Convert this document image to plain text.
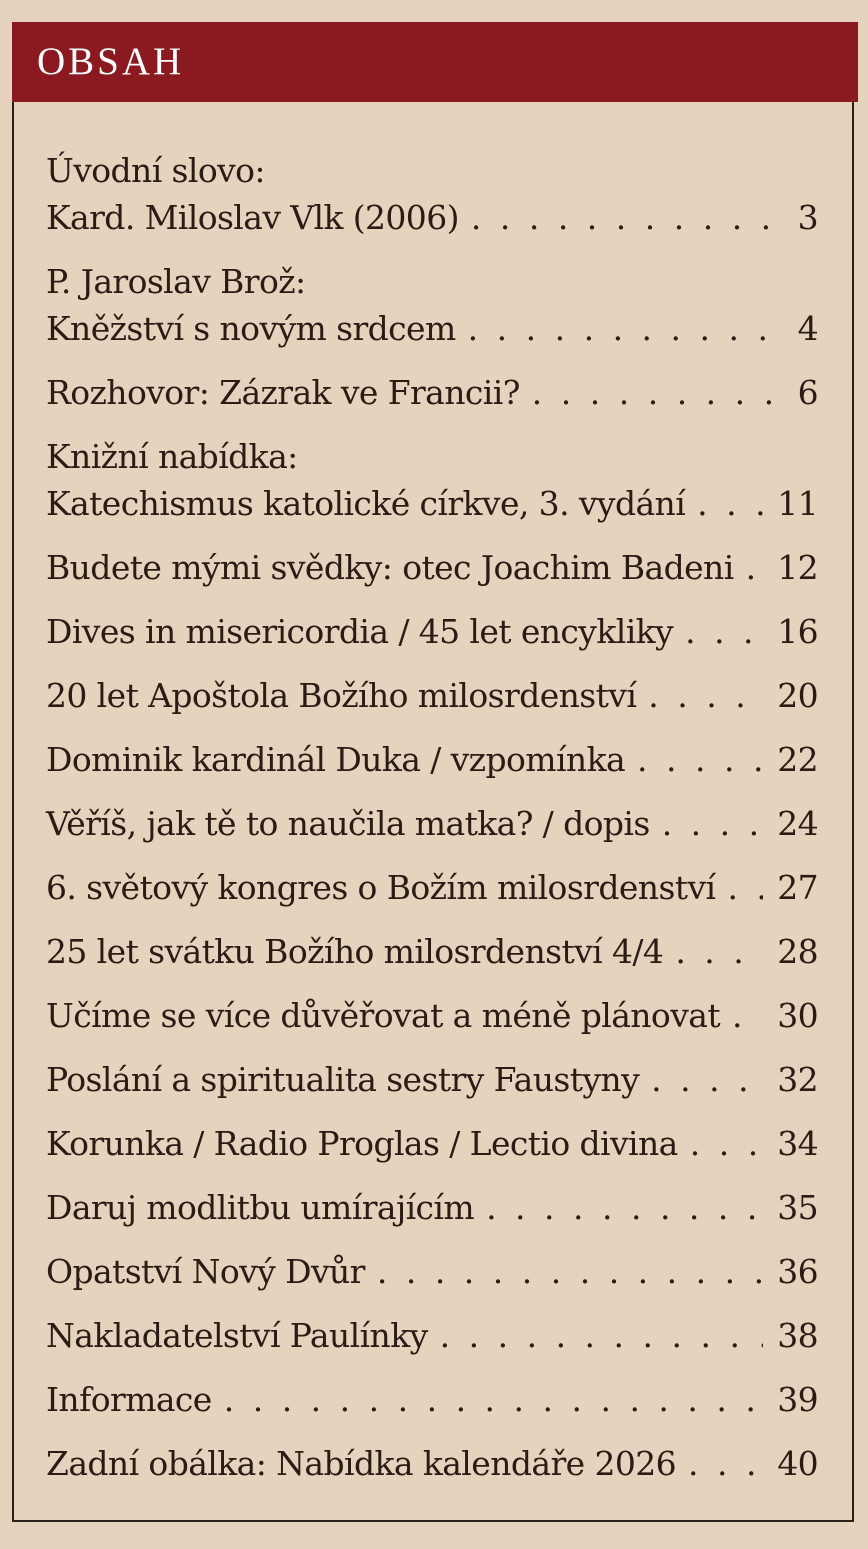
OBSAH
Úvodní slovo:
Kard. Miloslav Vlk (2006) . . .	3
P. Jaroslav Brož:
Kněžství s novým srdcem . . .	4
Rozhovor: Zázrak ve Francii? . . .	6
Knižní nabídka:
Katechismus katolické církve, 3. vydání . . .	11
Budete mými svědky: otec Joachim Badeni . . . 12
Dives in misericordia / 45 let encykliky . . .	16
20 let Apoštola Božího milosrdenství . . .	20
Dominik kardinál Duka / vzpomínka . . .	22
Věříš, jak tě to naučila matka? / dopis . . .	24
6. světový kongres o Božím milosrdenství . . . 27
25 let svátku Božího milosrdenství 4/4 . . .	28
Učíme se více důvěřovat a méně plánovat . . . 30
Poslání a spiritualita sestry Faustyny . . .	32
Korunka / Radio Proglas / Lectio divina . . .	34
Daruj modlitbu umírajícím . . .	35
Opatství Nový Dvůr . . .	36
Nakladatelství Paulínky . . .	38
Informace . . .	39
Zadní obálka: Nabídka kalendáře 2026 . . .	40
